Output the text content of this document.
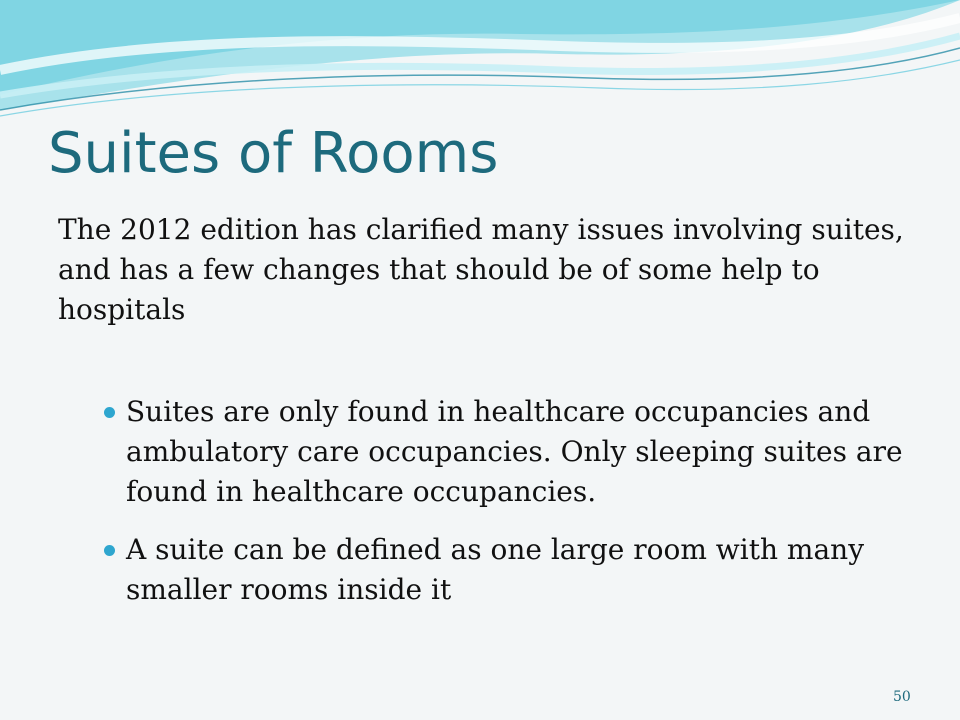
Suites of Rooms

The 2012 edition has clarified many issues involving suites, and has a few changes that should be of some help to hospitals

Suites are only found in healthcare occupancies and ambulatory care occupancies. Only sleeping suites are found in healthcare occupancies.
A suite can be defined as one large room with many smaller rooms inside it
50
